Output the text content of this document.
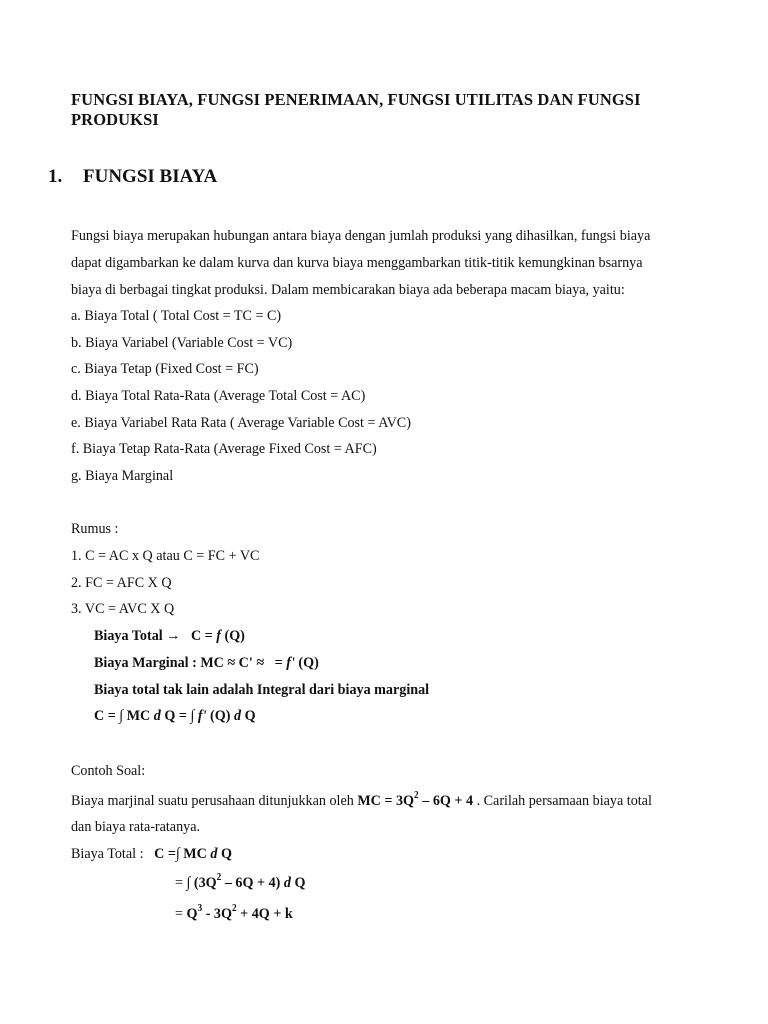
FUNGSI BIAYA, FUNGSI PENERIMAAN, FUNGSI UTILITAS DAN FUNGSI PRODUKSI
1. FUNGSI BIAYA
Fungsi biaya merupakan hubungan antara biaya dengan jumlah produksi yang dihasilkan, fungsi biaya
dapat digambarkan ke dalam kurva dan kurva biaya menggambarkan titik-titik kemungkinan bsarnya
biaya di berbagai tingkat produksi. Dalam membicarakan biaya ada beberapa macam biaya, yaitu:
a. Biaya Total ( Total Cost = TC = C)
b. Biaya Variabel (Variable Cost = VC)
c. Biaya Tetap (Fixed Cost = FC)
d. Biaya Total Rata-Rata (Average Total Cost = AC)
e. Biaya Variabel Rata Rata ( Average Variable Cost = AVC)
f. Biaya Tetap Rata-Rata (Average Fixed Cost = AFC)
g. Biaya Marginal
Rumus :
1. C = AC x Q atau C = FC + VC
2. FC = AFC X Q
3. VC = AVC X Q
Biaya Total → C = f (Q)
Biaya Marginal : MC ≈ C' ≈ = f' (Q)
Biaya total tak lain adalah Integral dari biaya marginal
C = ∫ MC d Q = ∫ f' (Q) d Q
Contoh Soal:
Biaya marjinal suatu perusahaan ditunjukkan oleh MC = $3Q^2 - 6Q + 4$ . Carilah persamaan biaya total
dan biaya rata-ratanya.
Biaya Total : C =∫ MC d Q
= ∫ $(3Q^2 - 6Q + 4)$ d Q
= $Q^3 - 3Q^2 + 4Q + k$
